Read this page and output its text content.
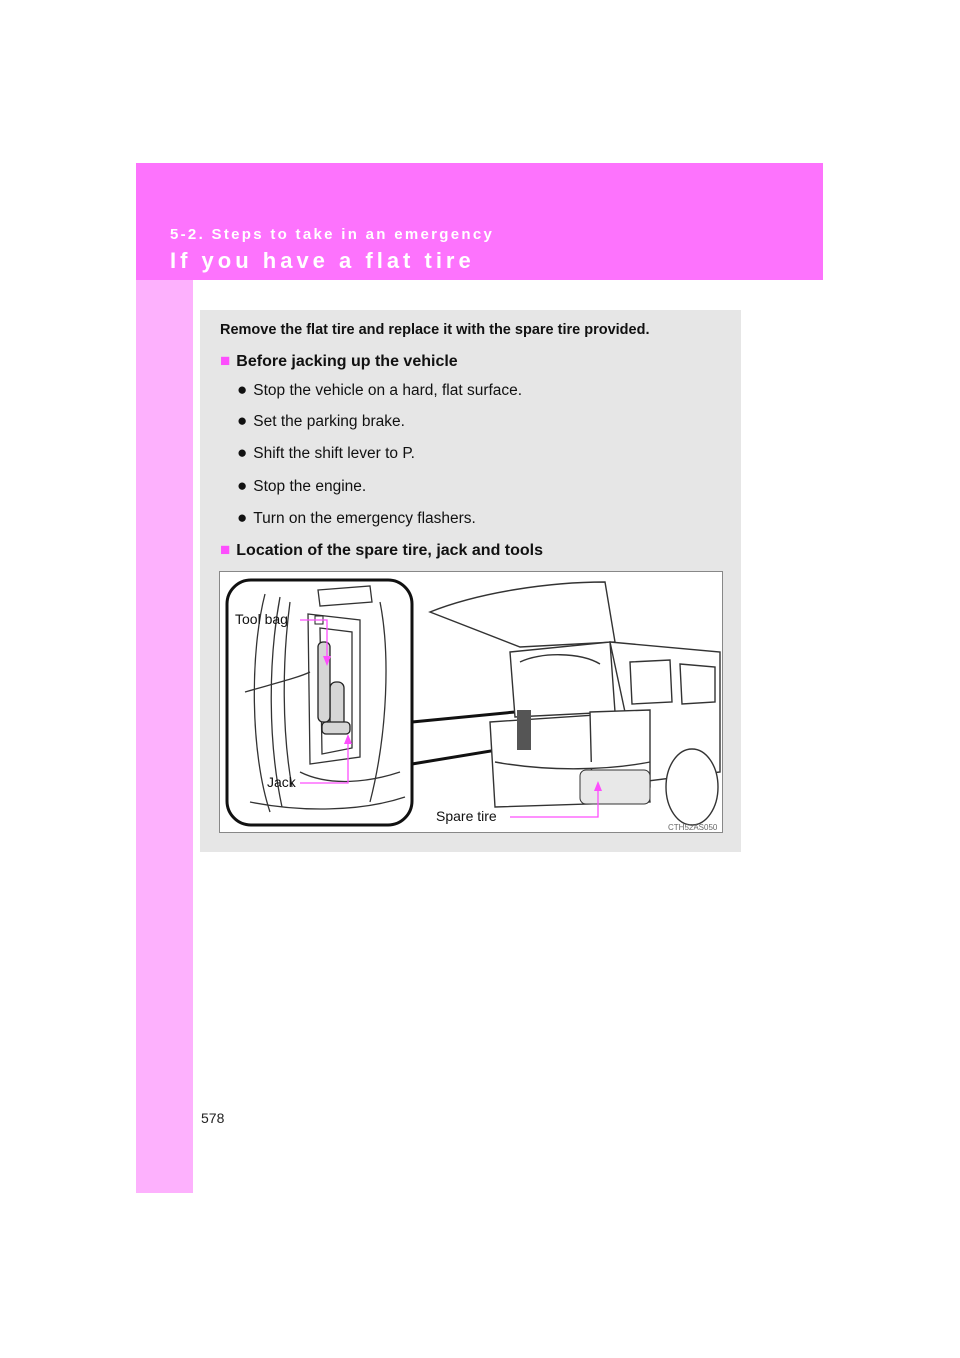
5-2. Steps to take in an emergency
If you have a flat tire
Remove the flat tire and replace it with the spare tire provided.
■ Before jacking up the vehicle
● Stop the vehicle on a hard, flat surface.
● Set the parking brake.
● Shift the shift lever to P.
● Stop the engine.
● Turn on the emergency flashers.
■ Location of the spare tire, jack and tools
Tool bag
Jack
Spare tire
CTH52AS050
578
